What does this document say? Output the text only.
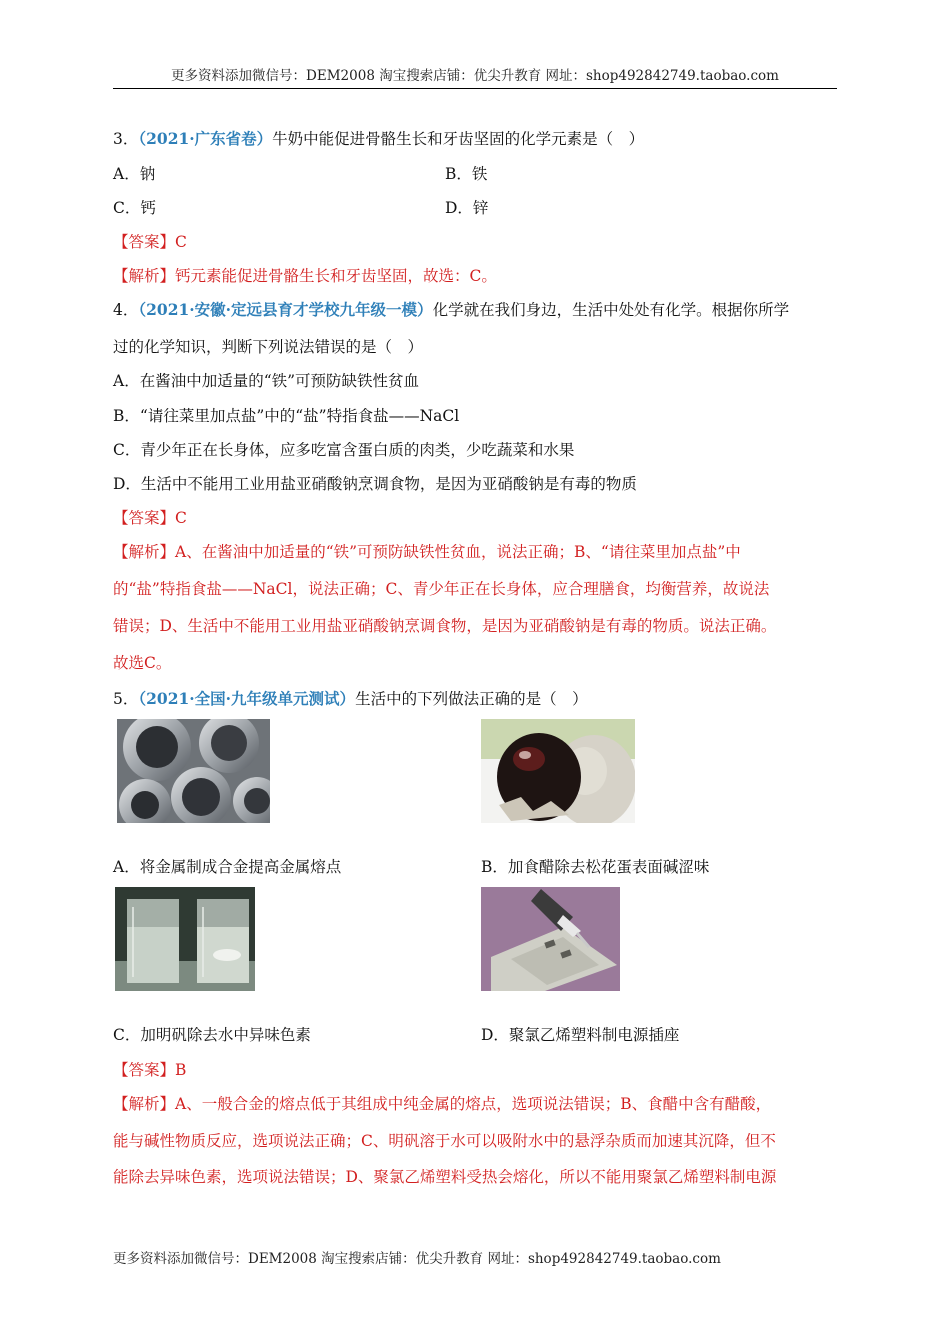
更多资料添加微信号：DEM2008 淘宝搜索店铺：优尖升教育 网址：shop492842749.taobao.com
3．（2021·广东省卷）牛奶中能促进骨骼生长和牙齿坚固的化学元素是（　）
A．钠	B．铁
C．钙	D．锌
【答案】C
【解析】钙元素能促进骨骼生长和牙齿坚固，故选：C。
4．（2021·安徽·定远县育才学校九年级一模）化学就在我们身边，生活中处处有化学。根据你所学
过的化学知识，判断下列说法错误的是（　）
A．在酱油中加适量的“铁”可预防缺铁性贫血
B．“请往菜里加点盐”中的“盐”特指食盐——NaCl
C．青少年正在长身体，应多吃富含蛋白质的肉类，少吃蔬菜和水果
D．生活中不能用工业用盐亚硝酸钠烹调食物，是因为亚硝酸钠是有毒的物质
【答案】C
【解析】A、在酱油中加适量的“铁”可预防缺铁性贫血，说法正确；B、“请往菜里加点盐”中
的“盐”特指食盐——NaCl，说法正确；C、青少年正在长身体，应合理膳食，均衡营养，故说法
错误；D、生活中不能用工业用盐亚硝酸钠烹调食物，是因为亚硝酸钠是有毒的物质。说法正确。
故选C。
5．（2021·全国·九年级单元测试）生活中的下列做法正确的是（　）
A．将金属制成合金提高金属熔点	B．加食醋除去松花蛋表面碱涩味
C．加明矾除去水中异味色素	D．聚氯乙烯塑料制电源插座
【答案】B
【解析】A、一般合金的熔点低于其组成中纯金属的熔点，选项说法错误；B、食醋中含有醋酸，
能与碱性物质反应，选项说法正确；C、明矾溶于水可以吸附水中的悬浮杂质而加速其沉降，但不
能除去异味色素，选项说法错误；D、聚氯乙烯塑料受热会熔化，所以不能用聚氯乙烯塑料制电源
更多资料添加微信号：DEM2008 淘宝搜索店铺：优尖升教育 网址：shop492842749.taobao.com
